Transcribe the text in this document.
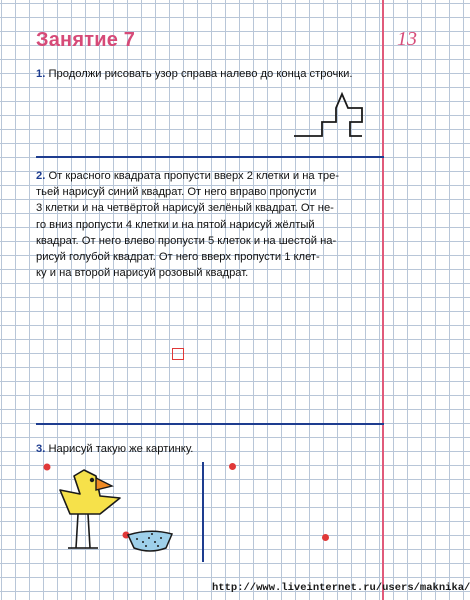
Занятие 7	13
1. Продолжи рисовать узор справа налево до конца строчки.
2. От красного квадрата пропусти вверх 2 клетки и на тре-
тьей нарисуй синий квадрат. От него вправо пропусти
3 клетки и на четвёртой нарисуй зелёный квадрат. От не-
го вниз пропусти 4 клетки и на пятой нарисуй жёлтый
квадрат. От него влево пропусти 5 клеток и на шестой на-
рисуй голубой квадрат. От него вверх пропусти 1 клет-
ку и на второй нарисуй розовый квадрат.
3. Нарисуй такую же картинку.
http://www.liveinternet.ru/users/maknika/
